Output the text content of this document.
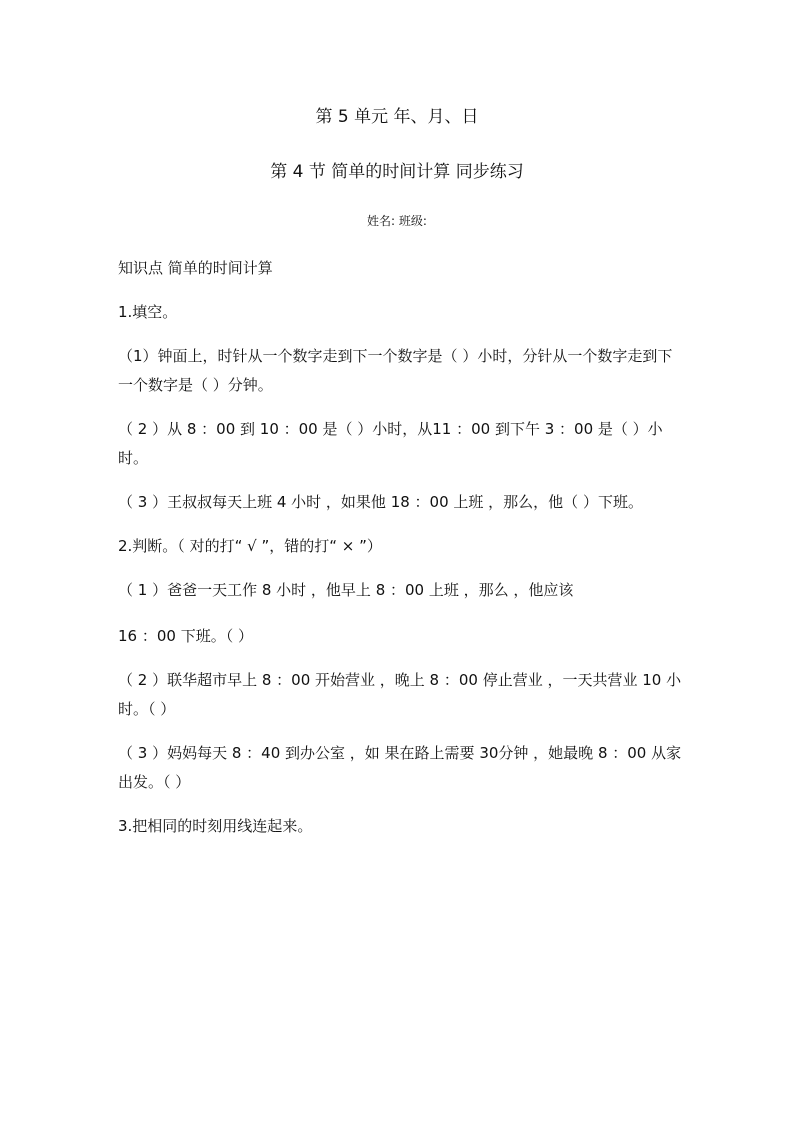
第 5 单元 年、月、日
第 4 节 简单的时间计算 同步练习
姓名: 班级:

知识点 简单的时间计算

1.填空。

（1）钟面上，时针从一个数字走到下一个数字是（ ）小时，分针从一个数字走到下一个数字是（ ）分钟。

（ 2 ）从 8 ：00 到 10 ：00 是（ ）小时，从11 ：00 到下午 3 ：00 是（ ）小时。

（ 3 ）王叔叔每天上班 4 小时 ，如果他 18 ：00 上班 ，那么，他（ ）下班。

2.判断。（ 对的打“ √ ”，错的打“ × ”）

（ 1 ）爸爸一天工作 8 小时 ，他早上 8 ：00 上班 ，那么 ，他应该

16 ：00 下班。（ ）

（ 2 ）联华超市早上 8 ：00 开始营业 ，晚上 8 ：00 停止营业 ，一天共营业 10 小时。（ ）

（ 3 ）妈妈每天 8 ：40 到办公室 ，如 果在路上需要 30分钟 ，她最晚 8 ：00 从家出发。（ ）

3.把相同的时刻用线连起来。
